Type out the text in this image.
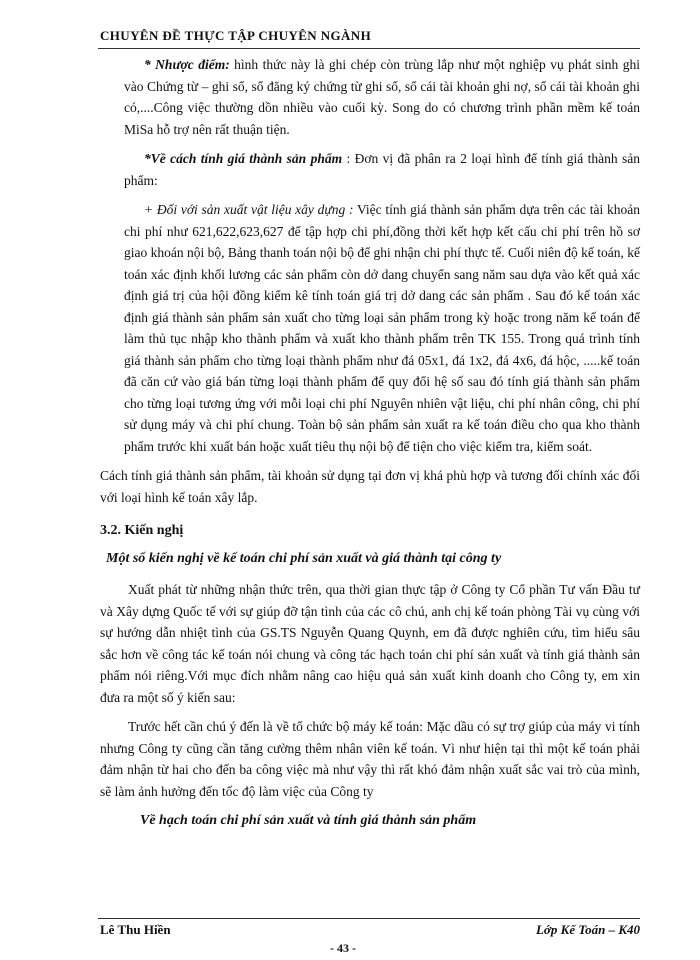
CHUYÊN ĐỀ THỰC TẬP CHUYÊN NGÀNH

* Nhược điểm: hình thức này là ghi chép còn trùng lắp như một nghiệp vụ phát sinh ghi vào Chứng từ – ghi sổ, sổ đăng ký chứng từ ghi sổ, sổ cái tài khoản ghi nợ, sổ cái tài khoản ghi có,....Công việc thường dồn nhiều vào cuối kỳ. Song do có chương trình phần mềm kế toán MiSa hỗ trợ nên rất thuận tiện.

*Về cách tính giá thành sản phẩm : Đơn vị đã phân ra 2 loại hình để tính giá thành sản phẩm:

+ Đối với sản xuất vật liệu xây dựng : Việc tính giá thành sản phẩm dựa trên các tài khoản chi phí như 621,622,623,627 để tập hợp chi phí,đồng thời kết hợp kết cấu chi phí trên hồ sơ giao khoán nội bộ, Bảng thanh toán nội bộ để ghi nhận chi phí thực tế. Cuối niên độ kế toán, kế toán xác định khối lương các sản phẩm còn dở dang chuyển sang năm sau dựa vào kết quả xác định giá trị của hội đồng kiểm kê tính toán giá trị dở dang các sản phẩm . Sau đó kế toán xác định giá thành sản phẩm sản xuất cho từng loại sản phẩm trong kỳ hoặc trong năm kế toán để làm thủ tục nhập kho thành phẩm và xuất kho thành phẩm trên TK 155. Trong quá trình tính giá thành sản phẩm cho từng loại thành phẩm như đá 05x1, đá 1x2, đá 4x6, đá hộc, .....kế toán đã căn cứ vào giá bán từng loại thành phẩm để quy đổi hệ số sau đó tính giá thành sản phẩm cho từng loại tương ứng với mỗi loại chi phí Nguyên nhiên vật liệu, chi phí nhân công, chi phí sử dụng máy và chi phí chung. Toàn bộ sản phẩm sản xuất ra kế toán điều cho qua kho thành phẩm trước khi xuất bán hoặc xuất tiêu thụ nội bộ để tiện cho việc kiểm tra, kiểm soát.

Cách tính giá thành sản phẩm, tài khoản sử dụng tại đơn vị khá phù hợp và tương đối chính xác đối với loại hình kế toán xây lắp.

3.2. Kiến nghị
Một số kiến nghị về kế toán chi phí sản xuất và giá thành tại công ty

Xuất phát từ những nhận thức trên, qua thời gian thực tập ở Công ty Cổ phần Tư vấn Đầu tư và Xây dựng Quốc tế với sự giúp đỡ tận tình của các cô chú, anh chị kế toán phòng Tài vụ cùng với sự hướng dẫn nhiệt tình của GS.TS Nguyễn Quang Quynh, em đã được nghiên cứu, tìm hiểu sâu sắc hơn về công tác kế toán nói chung và công tác hạch toán chi phí sản xuất và tính giá thành sản phẩm nói riêng.Với mục đích nhằm nâng cao hiệu quả sản xuất kinh doanh cho Công ty, em xin đưa ra một số ý kiến sau:

Trước hết cần chú ý đến là về tổ chức bộ máy kế toán: Mặc dầu có sự trợ giúp của máy vi tính nhưng Công ty cũng cần tăng cường thêm nhân viên kế toán. Vì như hiện tại thì một kế toán phải đảm nhận từ hai cho đến ba công việc mà như vậy thì rất khó đảm nhận xuất sắc vai trò của mình, sẽ làm ảnh hưởng đến tốc độ làm việc của Công ty

Về hạch toán chi phí sản xuất và tính giá thành sản phẩm
Lê Thu Hiền	Lớp Kế Toán – K40
- 43 -
